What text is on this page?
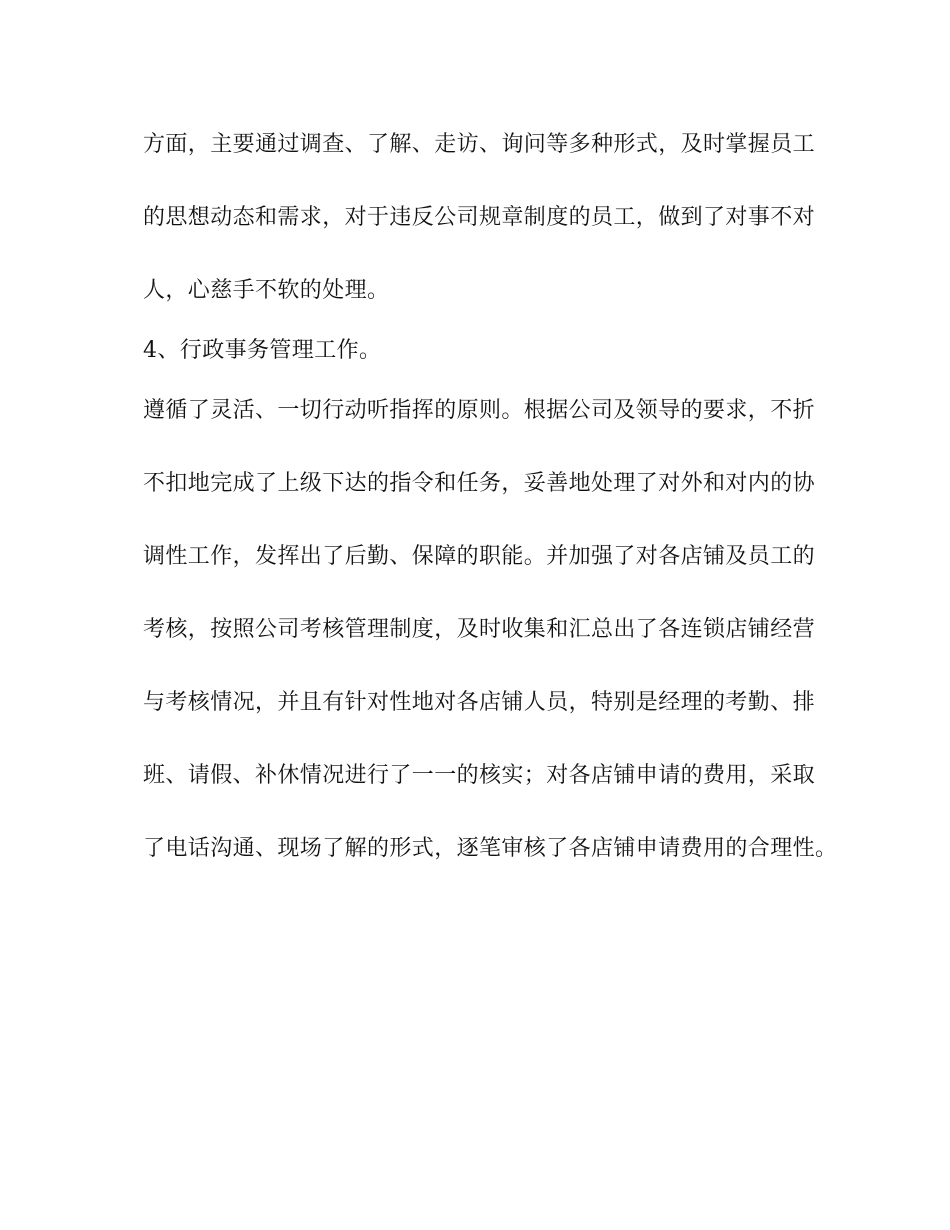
方面，主要通过调查、了解、走访、询问等多种形式，及时掌握员工
的思想动态和需求，对于违反公司规章制度的员工，做到了对事不对
人，心慈手不软的处理。
4、行政事务管理工作。
遵循了灵活、一切行动听指挥的原则。根据公司及领导的要求，不折
不扣地完成了上级下达的指令和任务，妥善地处理了对外和对内的协
调性工作，发挥出了后勤、保障的职能。并加强了对各店铺及员工的
考核，按照公司考核管理制度，及时收集和汇总出了各连锁店铺经营
与考核情况，并且有针对性地对各店铺人员，特别是经理的考勤、排
班、请假、补休情况进行了一一的核实；对各店铺申请的费用，采取
了电话沟通、现场了解的形式，逐笔审核了各店铺申请费用的合理性。
